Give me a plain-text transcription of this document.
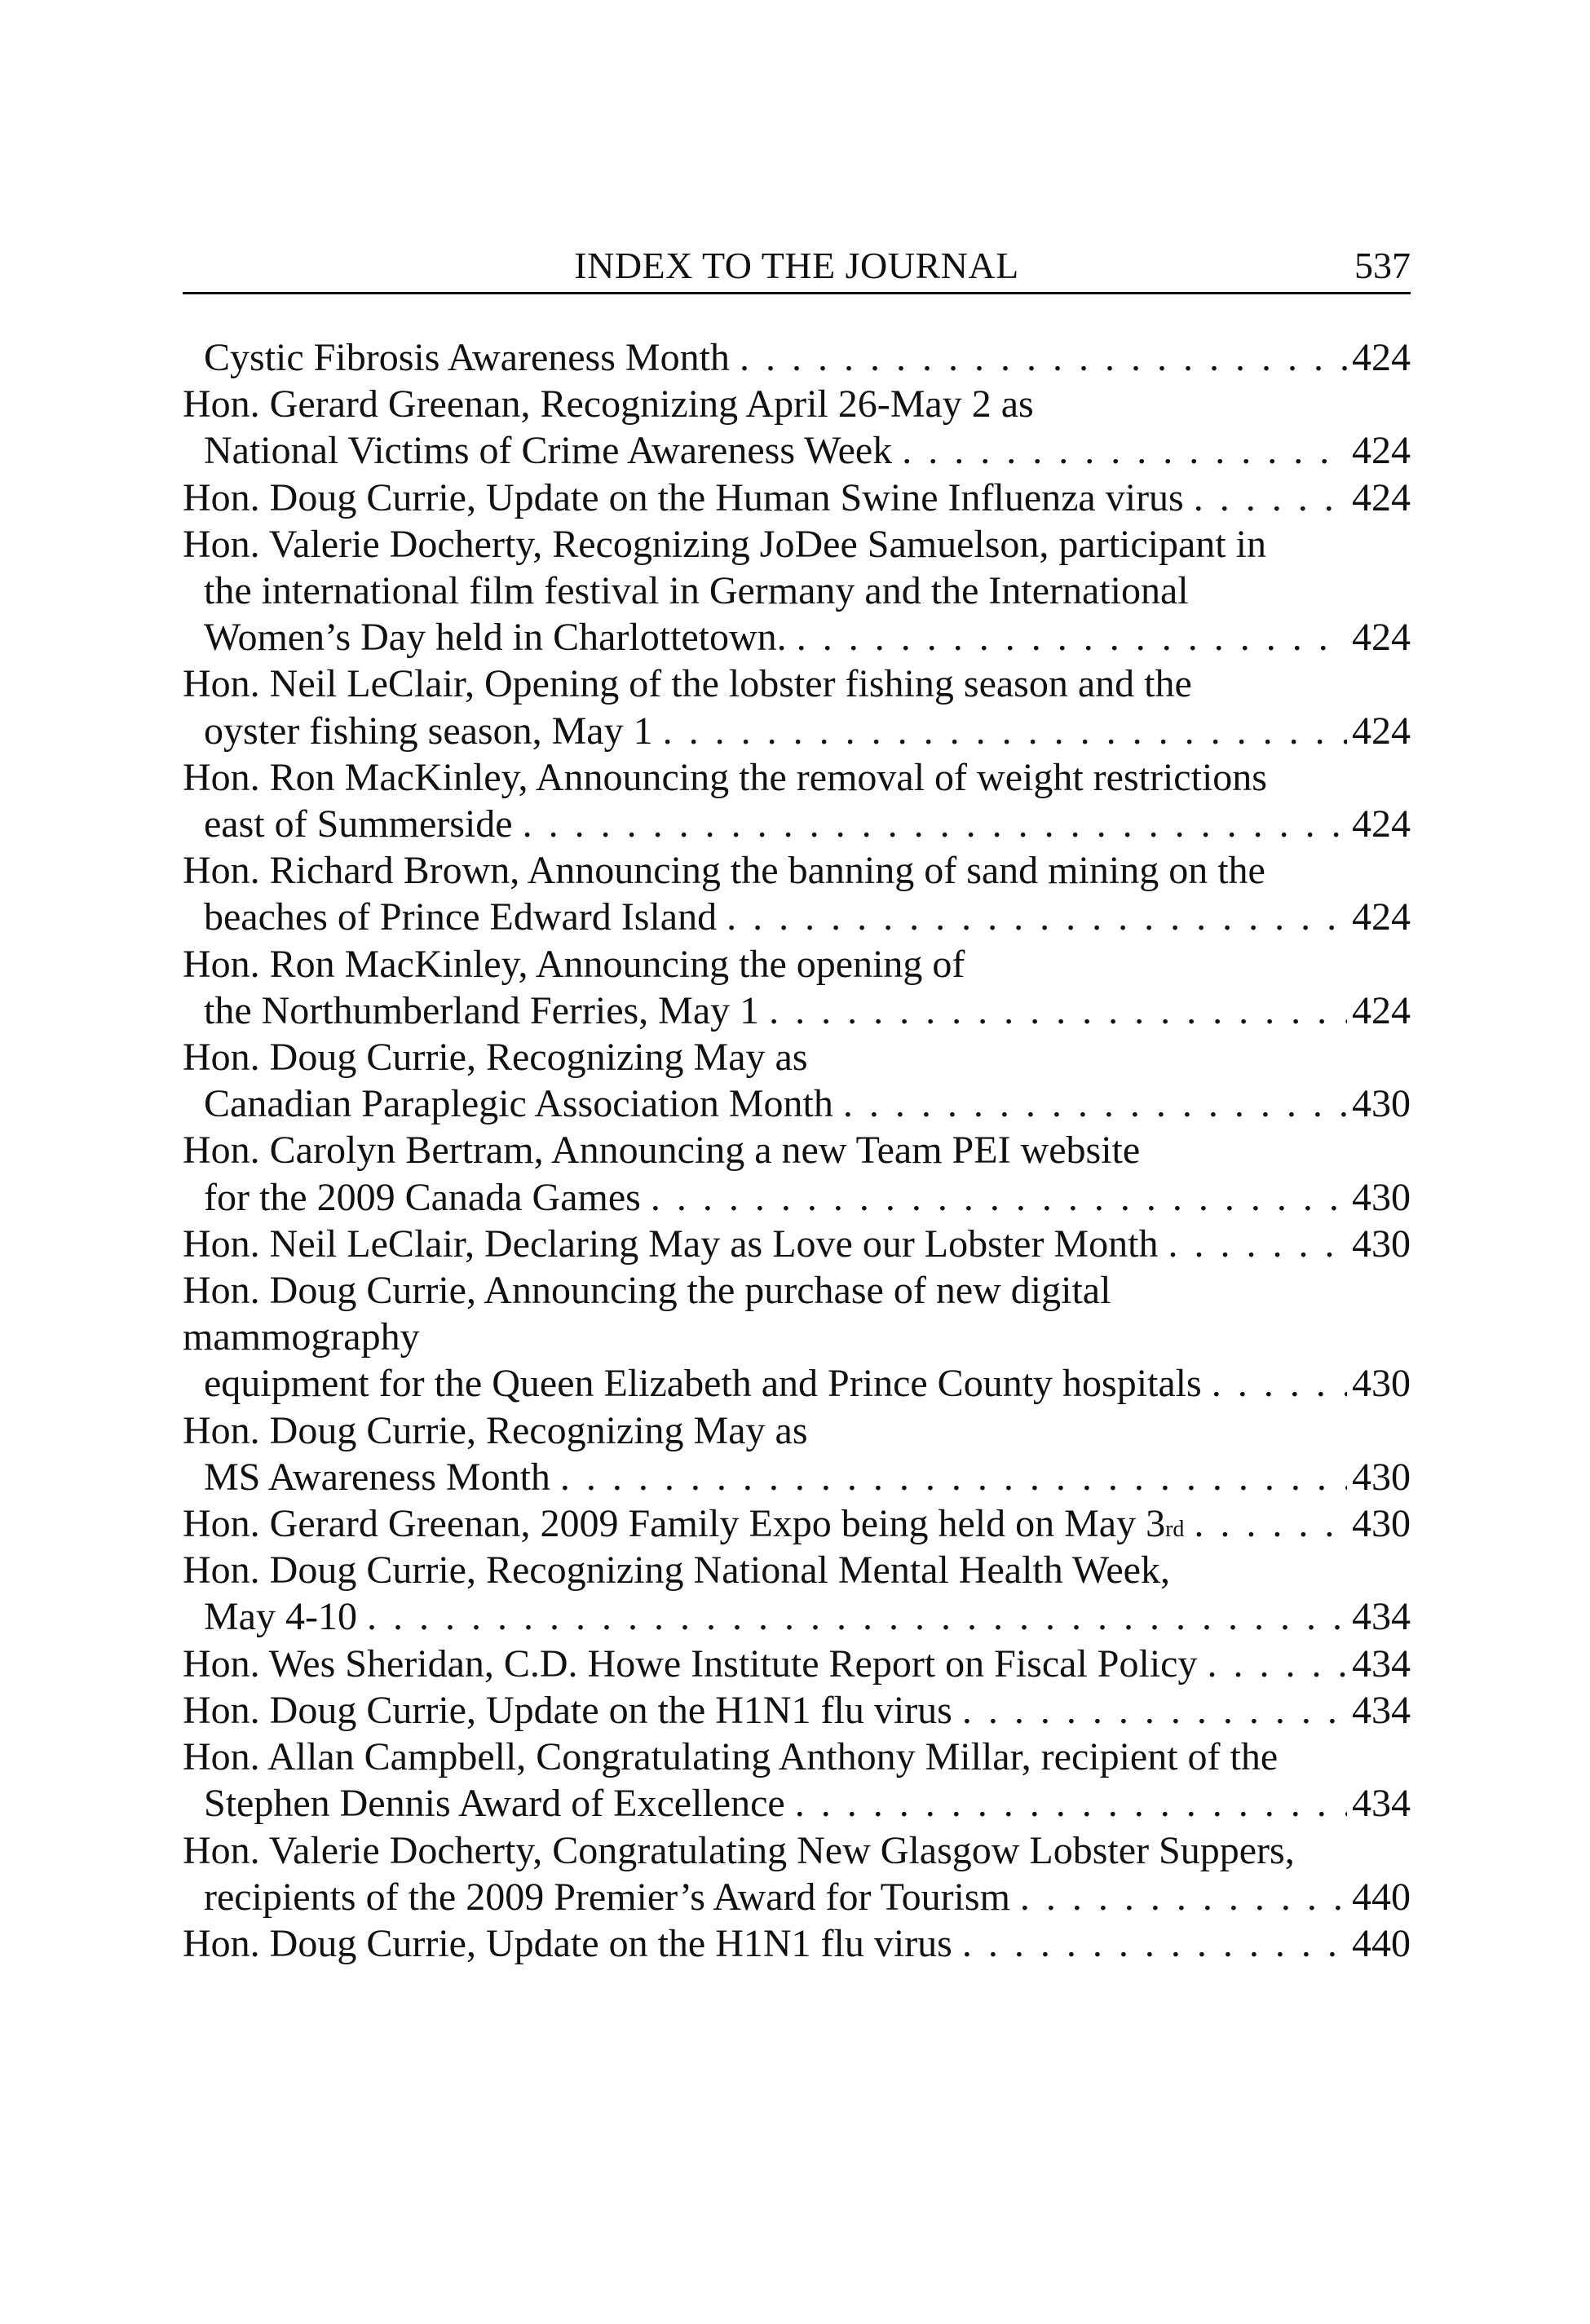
INDEX TO THE JOURNAL	537
Cystic Fibrosis Awareness Month . . .	424
Hon. Gerard Greenan, Recognizing April 26-May 2 as
National Victims of Crime Awareness Week . . .	424
Hon. Doug Currie, Update on the Human Swine Influenza virus . . .	424
Hon. Valerie Docherty, Recognizing JoDee Samuelson, participant in
the international film festival in Germany and the International
Women’s Day held in Charlottetown. . . .	424
Hon. Neil LeClair, Opening of the lobster fishing season and the
oyster fishing season, May 1 . . .	424
Hon. Ron MacKinley, Announcing the removal of weight restrictions
east of Summerside . . .	424
Hon. Richard Brown, Announcing the banning of sand mining on the
beaches of Prince Edward Island . . .	424
Hon. Ron MacKinley, Announcing the opening of
the Northumberland Ferries, May 1 . . .	424
Hon. Doug Currie, Recognizing May as
Canadian Paraplegic Association Month . . .	430
Hon. Carolyn Bertram, Announcing a new Team PEI website
for the 2009 Canada Games . . .	430
Hon. Neil LeClair, Declaring May as Love our Lobster Month . . .	430
Hon. Doug Currie, Announcing the purchase of new digital
mammography
equipment for the Queen Elizabeth and Prince County hospitals . . .	430
Hon. Doug Currie, Recognizing May as
MS Awareness Month . . .	430
Hon. Gerard Greenan, 2009 Family Expo being held on May 3 rd . . .	430
Hon. Doug Currie, Recognizing National Mental Health Week,
May 4-10 . . .	434
Hon. Wes Sheridan, C.D. Howe Institute Report on Fiscal Policy . . .	434
Hon. Doug Currie, Update on the H1N1 flu virus . . .	434
Hon. Allan Campbell, Congratulating Anthony Millar, recipient of the
Stephen Dennis Award of Excellence . . .	434
Hon. Valerie Docherty, Congratulating New Glasgow Lobster Suppers,
recipients of the 2009 Premier’s Award for Tourism . . .	440
Hon. Doug Currie, Update on the H1N1 flu virus . . .	440
